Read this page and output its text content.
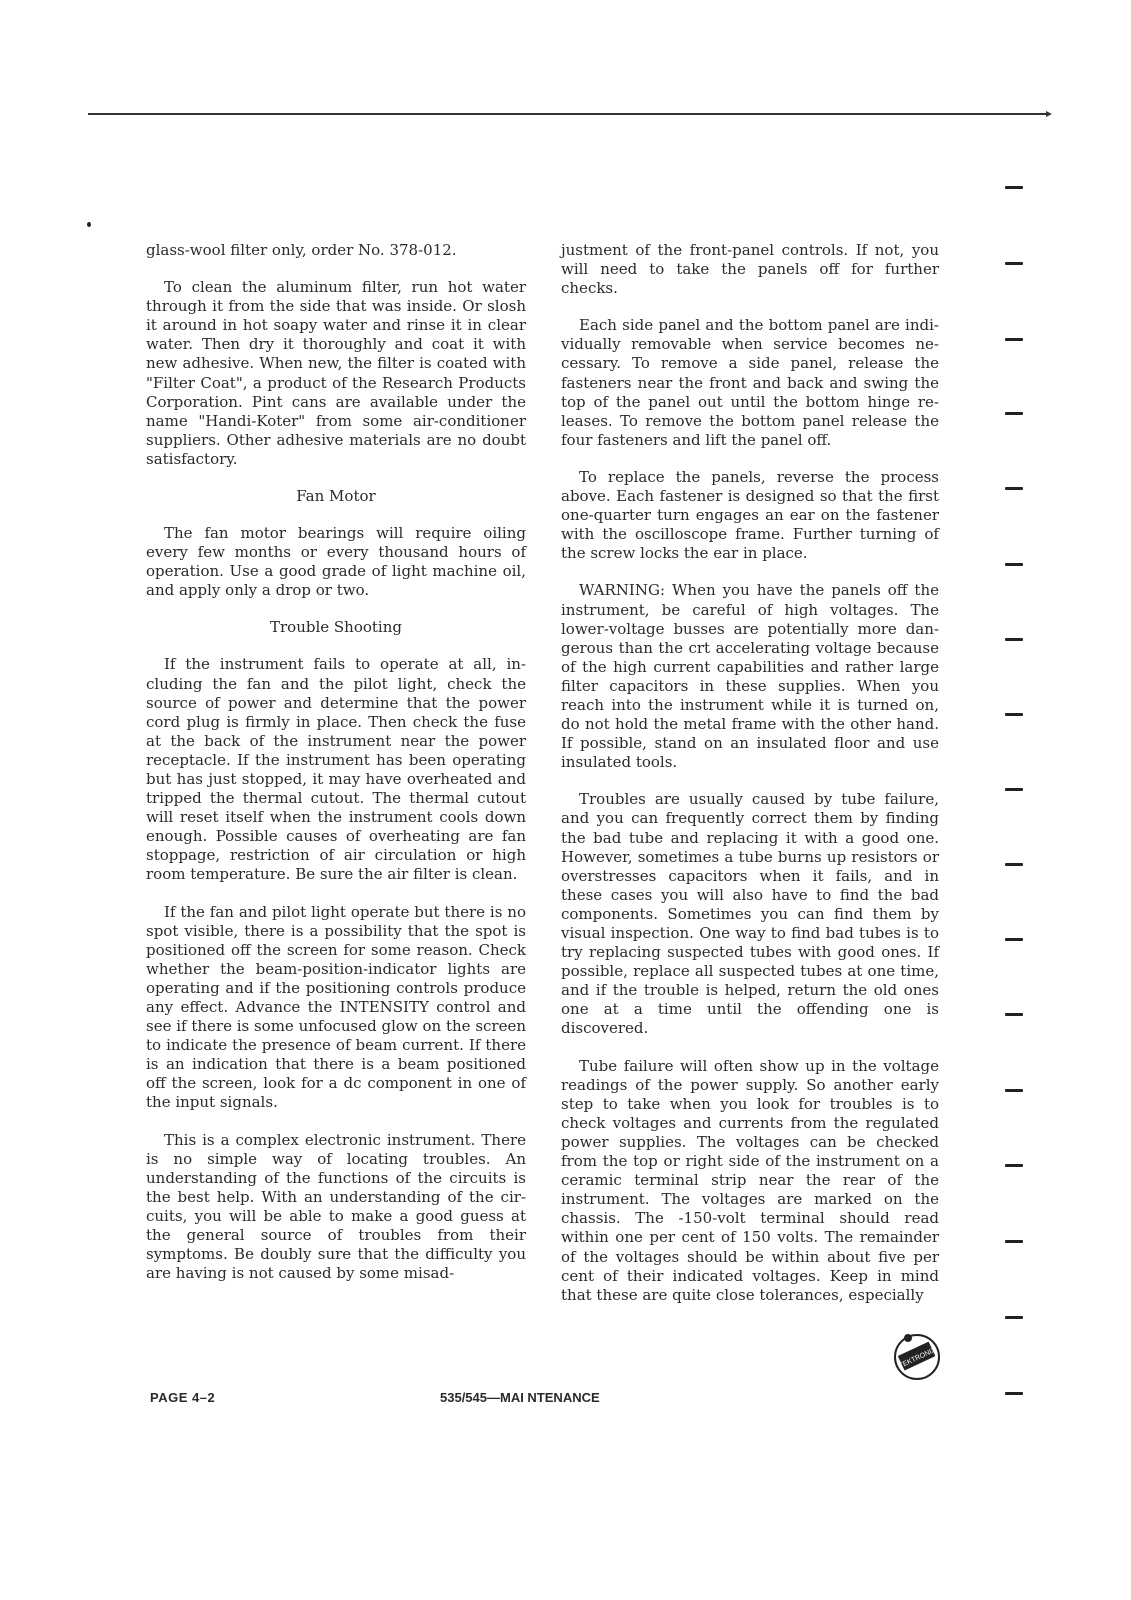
glass-wool filter only, order No. 378-012.

To clean the aluminum filter, run hot water through it from the side that was inside. Or slosh it around in hot soapy water and rinse it in clear water. Then dry it thoroughly and coat it with new adhesive. When new, the filter is coated with "Filter Coat", a product of the Research Products Corporation. Pint cans are available under the name "Handi-Koter" from some air-conditioner suppliers. Other adhesive materials are no doubt satisfactory.

Fan Motor

The fan motor bearings will require oiling every few months or every thousand hours of operation. Use a good grade of light machine oil, and apply only a drop or two.

Trouble Shooting

If the instrument fails to operate at all, including the fan and the pilot light, check the source of power and determine that the power cord plug is firmly in place. Then check the fuse at the back of the instrument near the power receptacle. If the instrument has been operating but has just stopped, it may have overheated and tripped the thermal cutout. The thermal cutout will reset itself when the instrument cools down enough. Possible causes of overheating are fan stoppage, restriction of air circulation or high room temperature. Be sure the air filter is clean.

If the fan and pilot light operate but there is no spot visible, there is a possibility that the spot is positioned off the screen for some reason. Check whether the beam-position-indicator lights are operating and if the positioning controls produce any effect. Advance the INTENSITY control and see if there is some unfocused glow on the screen to indicate the presence of beam current. If there is an indication that there is a beam positioned off the screen, look for a dc component in one of the input signals.

This is a complex electronic instrument. There is no simple way of locating troubles. An understanding of the functions of the circuits is the best help. With an understanding of the circuits, you will be able to make a good guess at the general source of troubles from their symptoms. Be doubly sure that the difficulty you are having is not caused by some misad-

justment of the front-panel controls. If not, you will need to take the panels off for further checks.

Each side panel and the bottom panel are individually removable when service becomes necessary. To remove a side panel, release the fasteners near the front and back and swing the top of the panel out until the bottom hinge releases. To remove the bottom panel release the four fasteners and lift the panel off.

To replace the panels, reverse the process above. Each fastener is designed so that the first one-quarter turn engages an ear on the fastener with the oscilloscope frame. Further turning of the screw locks the ear in place.

WARNING: When you have the panels off the instrument, be careful of high voltages. The lower-voltage busses are potentially more dangerous than the crt accelerating voltage because of the high current capabilities and rather large filter capacitors in these supplies. When you reach into the instrument while it is turned on, do not hold the metal frame with the other hand. If possible, stand on an insulated floor and use insulated tools.

Troubles are usually caused by tube failure, and you can frequently correct them by finding the bad tube and replacing it with a good one. However, sometimes a tube burns up resistors or overstresses capacitors when it fails, and in these cases you will also have to find the bad components. Sometimes you can find them by visual inspection. One way to find bad tubes is to try replacing suspected tubes with good ones. If possible, replace all suspected tubes at one time, and if the trouble is helped, return the old ones one at a time until the offending one is discovered.

Tube failure will often show up in the voltage readings of the power supply. So another early step to take when you look for troubles is to check voltages and currents from the regulated power supplies. The voltages can be checked from the top or right side of the instrument on a ceramic terminal strip near the rear of the instrument. The voltages are marked on the chassis. The -150-volt terminal should read within one per cent of 150 volts. The remainder of the voltages should be within about five per cent of their indicated voltages. Keep in mind that these are quite close tolerances, especially

PAGE 4–2	535/545—MAI NTENANCE
TEKTRONIX
